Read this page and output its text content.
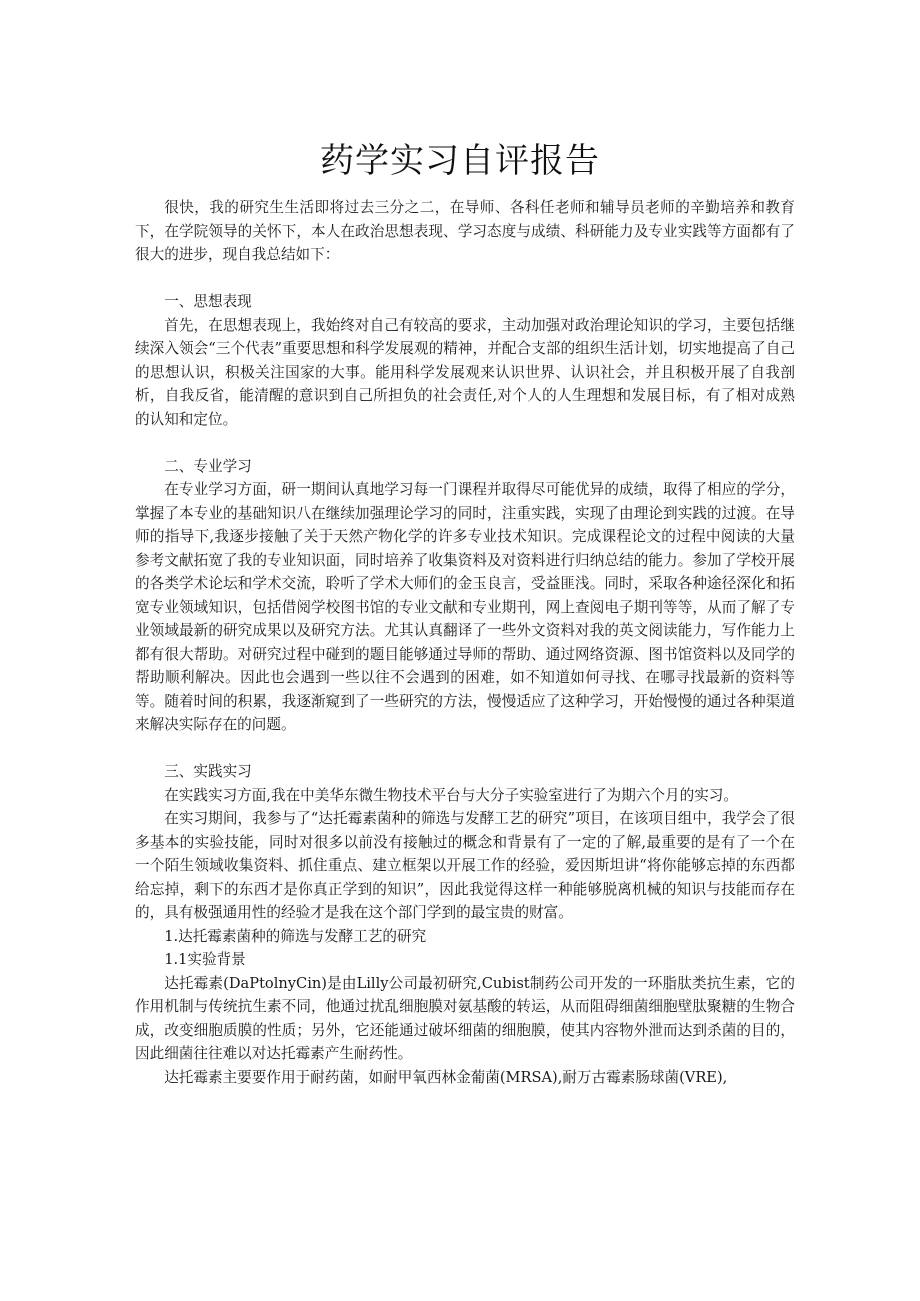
药学实习自评报告

很快，我的研究生生活即将过去三分之二，在导师、各科任老师和辅导员老师的辛勤培养和教育下，在学院领导的关怀下，本人在政治思想表现、学习态度与成绩、科研能力及专业实践等方面都有了很大的进步，现自我总结如下：

一、思想表现

首先，在思想表现上，我始终对自己有较高的要求，主动加强对政治理论知识的学习，主要包括继续深入领会“三个代表”重要思想和科学发展观的精神，并配合支部的组织生活计划，切实地提高了自己的思想认识，积极关注国家的大事。能用科学发展观来认识世界、认识社会，并且积极开展了自我剖析，自我反省，能清醒的意识到自己所担负的社会责任,对个人的人生理想和发展目标，有了相对成熟的认知和定位。

二、专业学习

在专业学习方面，研一期间认真地学习每一门课程并取得尽可能优异的成绩，取得了相应的学分，掌握了本专业的基础知识八在继续加强理论学习的同时，注重实践，实现了由理论到实践的过渡。在导师的指导下,我逐步接触了关于天然产物化学的许多专业技术知识。完成课程论文的过程中阅读的大量参考文献拓宽了我的专业知识面，同时培养了收集资料及对资料进行归纳总结的能力。参加了学校开展的各类学术论坛和学术交流，聆听了学术大师们的金玉良言，受益匪浅。同时，采取各种途径深化和拓宽专业领域知识，包括借阅学校图书馆的专业文献和专业期刊，网上查阅电子期刊等等，从而了解了专业领域最新的研究成果以及研究方法。尤其认真翻译了一些外文资料对我的英文阅读能力，写作能力上都有很大帮助。对研究过程中碰到的题目能够通过导师的帮助、通过网络资源、图书馆资料以及同学的帮助顺利解决。因此也会遇到一些以往不会遇到的困难，如不知道如何寻找、在哪寻找最新的资料等等。随着时间的积累，我逐渐窥到了一些研究的方法，慢慢适应了这种学习，开始慢慢的通过各种渠道来解决实际存在的问题。

三、实践实习

在实践实习方面,我在中美华东微生物技术平台与大分子实验室进行了为期六个月的实习。

在实习期间，我参与了“达托霉素菌种的筛选与发酵工艺的研究”项目，在该项目组中，我学会了很多基本的实验技能，同时对很多以前没有接触过的概念和背景有了一定的了解,最重要的是有了一个在一个陌生领域收集资料、抓住重点、建立框架以开展工作的经验，爱因斯坦讲“将你能够忘掉的东西都给忘掉，剩下的东西才是你真正学到的知识”，因此我觉得这样一种能够脱离机械的知识与技能而存在的，具有极强通用性的经验才是我在这个部门学到的最宝贵的财富。

1.达托霉素菌种的筛选与发酵工艺的研究

1.1实验背景

达托霉素(DaPtolnyCin)是由Lilly公司最初研究,Cubist制药公司开发的一环脂肽类抗生素，它的作用机制与传统抗生素不同，他通过扰乱细胞膜对氨基酸的转运，从而阻碍细菌细胞壁肽聚糖的生物合成，改变细胞质膜的性质；另外，它还能通过破坏细菌的细胞膜，使其内容物外泄而达到杀菌的目的，因此细菌往往难以对达托霉素产生耐药性。

达托霉素主要要作用于耐药菌，如耐甲氧西林金葡菌(MRSA),耐万古霉素肠球菌(VRE),
